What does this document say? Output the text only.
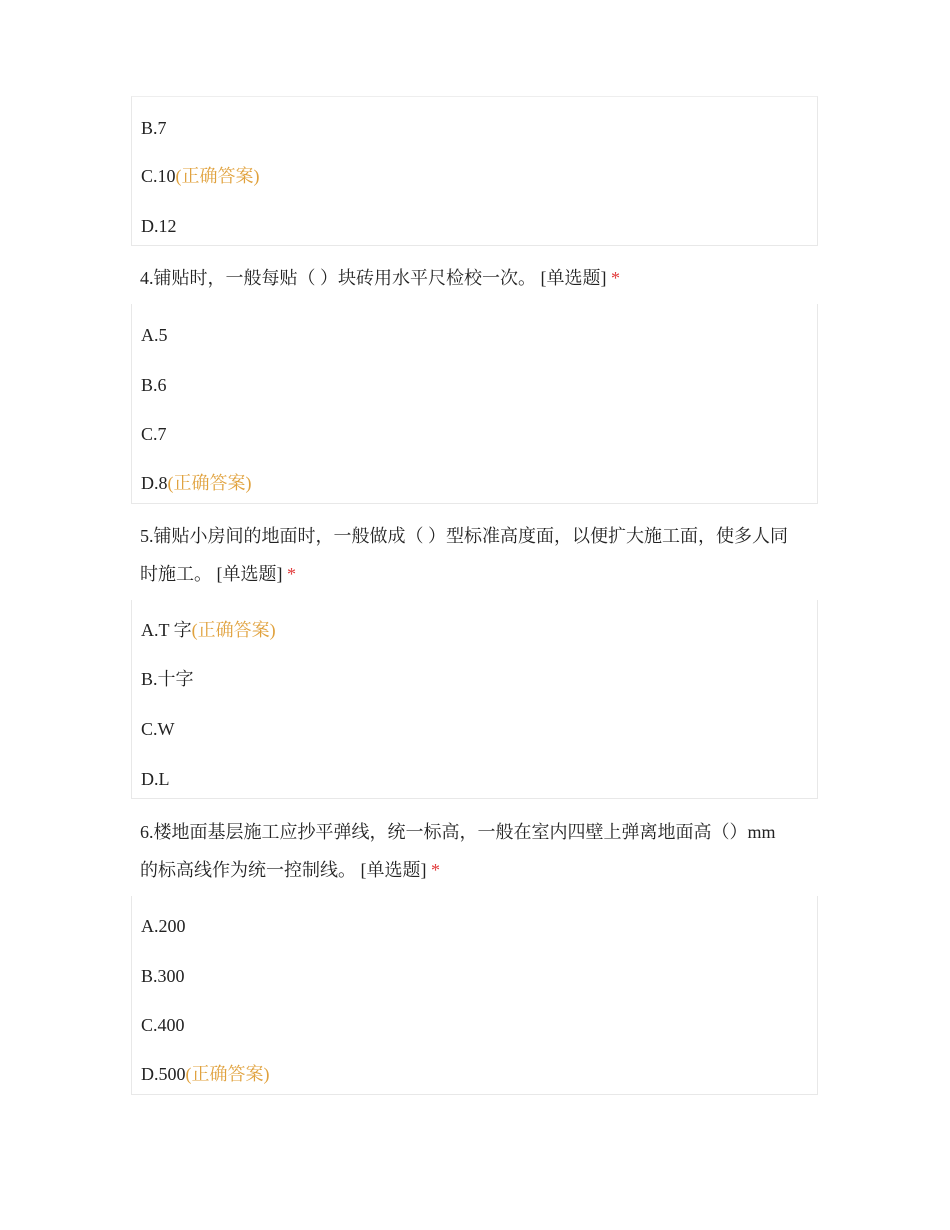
B.7
C.10(正确答案)
D.12
4.铺贴时，一般每贴（ ）块砖用水平尺检校一次。 [单选题] *
A.5
B.6
C.7
D.8(正确答案)
5.铺贴小房间的地面时，一般做成（ ）型标准高度面，以便扩大施工面，使多人同
时施工。 [单选题] *
A.T 字(正确答案)
B.十字
C.W
D.L
6.楼地面基层施工应抄平弹线，统一标高，一般在室内四壁上弹离地面高（）mm
的标高线作为统一控制线。 [单选题] *
A.200
B.300
C.400
D.500(正确答案)
